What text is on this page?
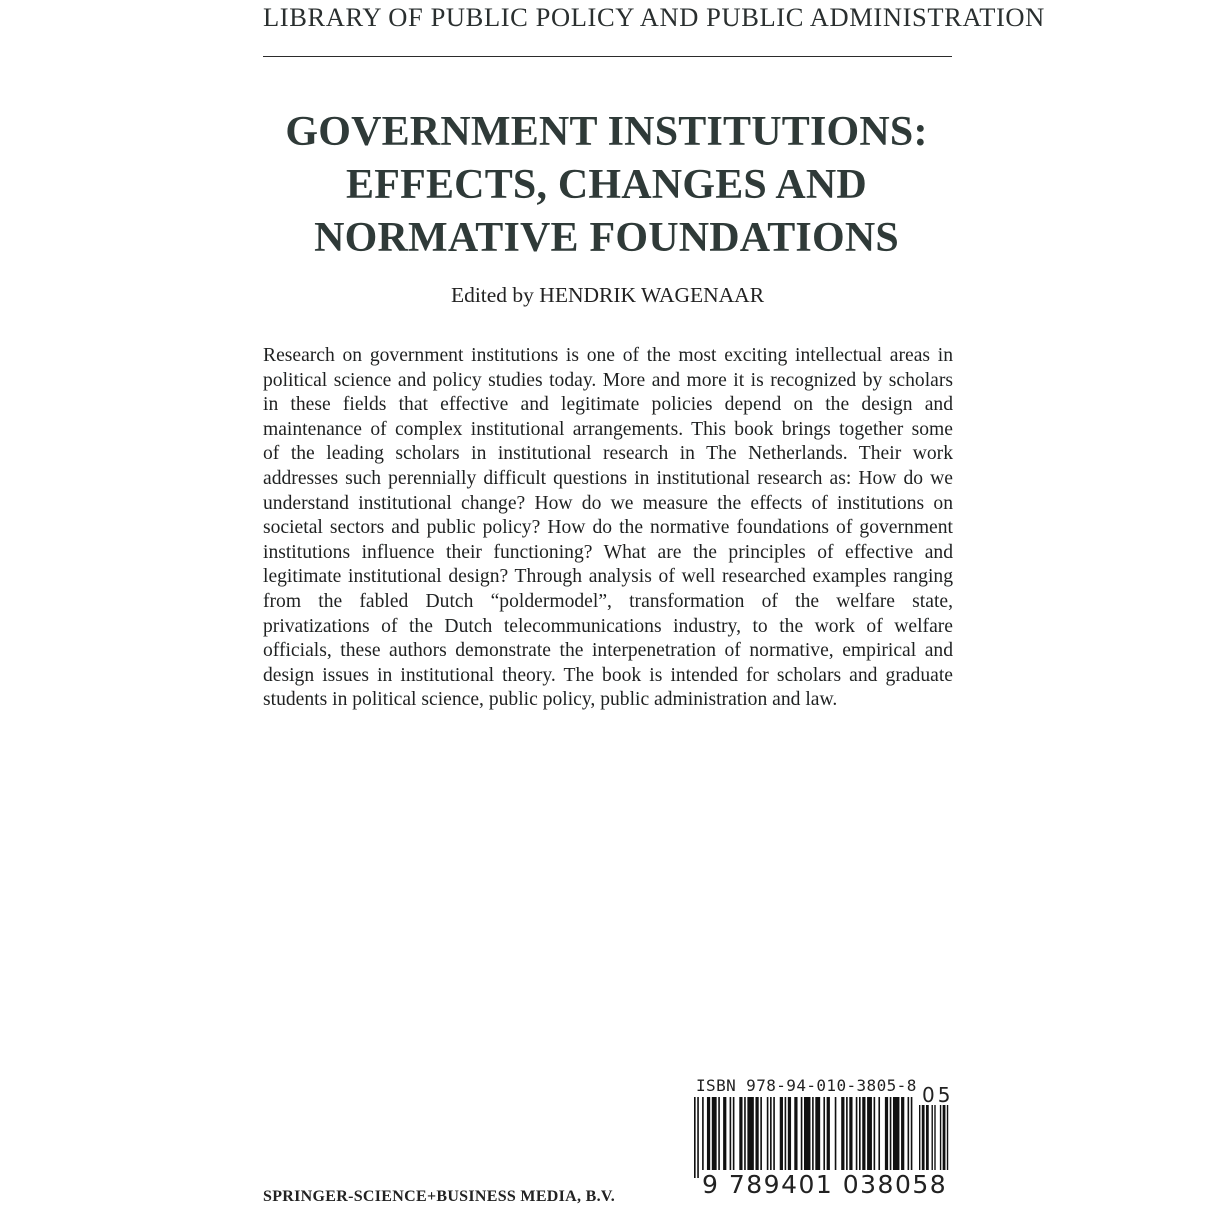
LIBRARY OF PUBLIC POLICY AND PUBLIC ADMINISTRATION
GOVERNMENT INSTITUTIONS:
EFFECTS, CHANGES AND
NORMATIVE FOUNDATIONS
Edited by HENDRIK WAGENAAR
Research on government institutions is one of the most exciting intellectual areas in
political science and policy studies today. More and more it is recognized by scholars
in these fields that effective and legitimate policies depend on the design and
maintenance of complex institutional arrangements. This book brings together some
of the leading scholars in institutional research in The Netherlands. Their work
addresses such perennially difficult questions in institutional research as: How do we
understand institutional change? How do we measure the effects of institutions on
societal sectors and public policy? How do the normative foundations of government
institutions influence their functioning? What are the principles of effective and
legitimate institutional design? Through analysis of well researched examples ranging
from the fabled Dutch “poldermodel”, transformation of the welfare state,
privatizations of the Dutch telecommunications industry, to the work of welfare
officials, these authors demonstrate the interpenetration of normative, empirical and
design issues in institutional theory. The book is intended for scholars and graduate
students in political science, public policy, public administration and law.
ISBN 978-94-010-3805-8 05
9 789401 038058
SPRINGER-SCIENCE+BUSINESS MEDIA, B.V.
